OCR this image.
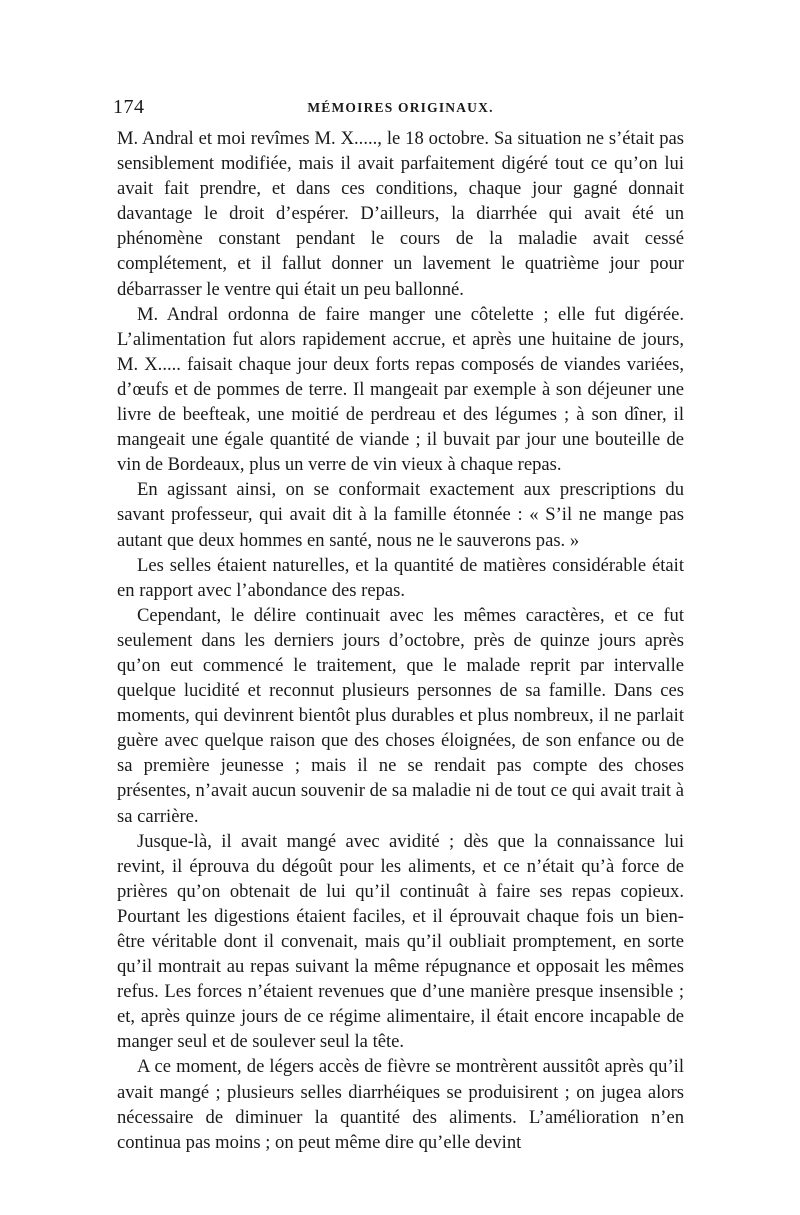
174	MÉMOIRES ORIGINAUX.

M. Andral et moi revîmes M. X....., le 18 octobre. Sa situation ne s’était pas sensiblement modifiée, mais il avait parfaitement digéré tout ce qu’on lui avait fait prendre, et dans ces conditions, chaque jour gagné donnait davantage le droit d’espérer. D’ailleurs, la diarrhée qui avait été un phénomène constant pendant le cours de la maladie avait cessé complétement, et il fallut donner un lavement le quatrième jour pour débarrasser le ventre qui était un peu ballonné.

M. Andral ordonna de faire manger une côtelette ; elle fut digérée. L’alimentation fut alors rapidement accrue, et après une huitaine de jours, M. X..... faisait chaque jour deux forts repas composés de viandes variées, d’œufs et de pommes de terre. Il mangeait par exemple à son déjeuner une livre de beefteak, une moitié de perdreau et des légumes ; à son dîner, il mangeait une égale quantité de viande ; il buvait par jour une bouteille de vin de Bordeaux, plus un verre de vin vieux à chaque repas.

En agissant ainsi, on se conformait exactement aux prescriptions du savant professeur, qui avait dit à la famille étonnée : « S’il ne mange pas autant que deux hommes en santé, nous ne le sauverons pas. »

Les selles étaient naturelles, et la quantité de matières considérable était en rapport avec l’abondance des repas.

Cependant, le délire continuait avec les mêmes caractères, et ce fut seulement dans les derniers jours d’octobre, près de quinze jours après qu’on eut commencé le traitement, que le malade reprit par intervalle quelque lucidité et reconnut plusieurs personnes de sa famille. Dans ces moments, qui devinrent bientôt plus durables et plus nombreux, il ne parlait guère avec quelque raison que des choses éloignées, de son enfance ou de sa première jeunesse ; mais il ne se rendait pas compte des choses présentes, n’avait aucun souvenir de sa maladie ni de tout ce qui avait trait à sa carrière.

Jusque-là, il avait mangé avec avidité ; dès que la connaissance lui revint, il éprouva du dégoût pour les aliments, et ce n’était qu’à force de prières qu’on obtenait de lui qu’il continuât à faire ses repas copieux. Pourtant les digestions étaient faciles, et il éprouvait chaque fois un bien-être véritable dont il convenait, mais qu’il oubliait promptement, en sorte qu’il montrait au repas suivant la même répugnance et opposait les mêmes refus. Les forces n’étaient revenues que d’une manière presque insensible ; et, après quinze jours de ce régime alimentaire, il était encore incapable de manger seul et de soulever seul la tête.

A ce moment, de légers accès de fièvre se montrèrent aussitôt après qu’il avait mangé ; plusieurs selles diarrhéiques se produisirent ; on jugea alors nécessaire de diminuer la quantité des aliments. L’amélioration n’en continua pas moins ; on peut même dire qu’elle devint
